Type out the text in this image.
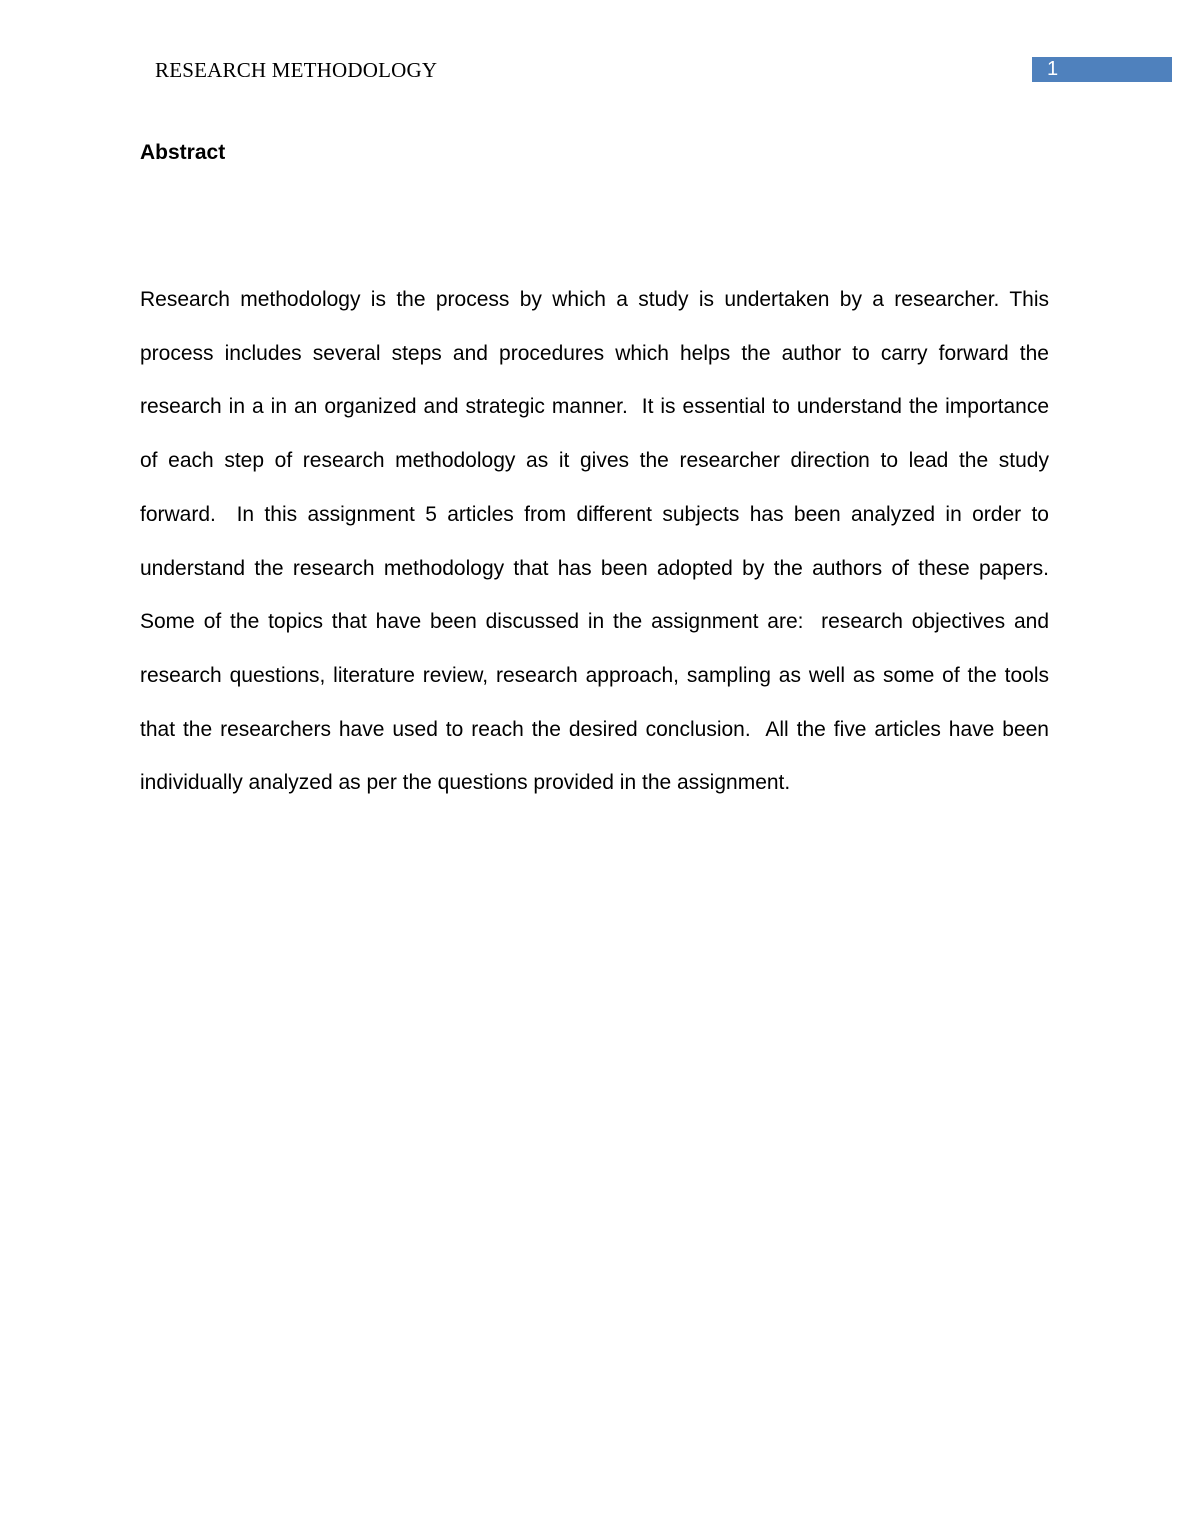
RESEARCH METHODOLOGY	1
Abstract

Research methodology is the process by which a study is undertaken by a researcher. This process includes several steps and procedures which helps the author to carry forward the research in a in an organized and strategic manner.  It is essential to understand the importance of each step of research methodology as it gives the researcher direction to lead the study forward.  In this assignment 5 articles from different subjects has been analyzed in order to understand the research methodology that has been adopted by the authors of these papers.  Some of the topics that have been discussed in the assignment are:  research objectives and research questions, literature review, research approach, sampling as well as some of the tools that the researchers have used to reach the desired conclusion.  All the five articles have been individually analyzed as per the questions provided in the assignment.
